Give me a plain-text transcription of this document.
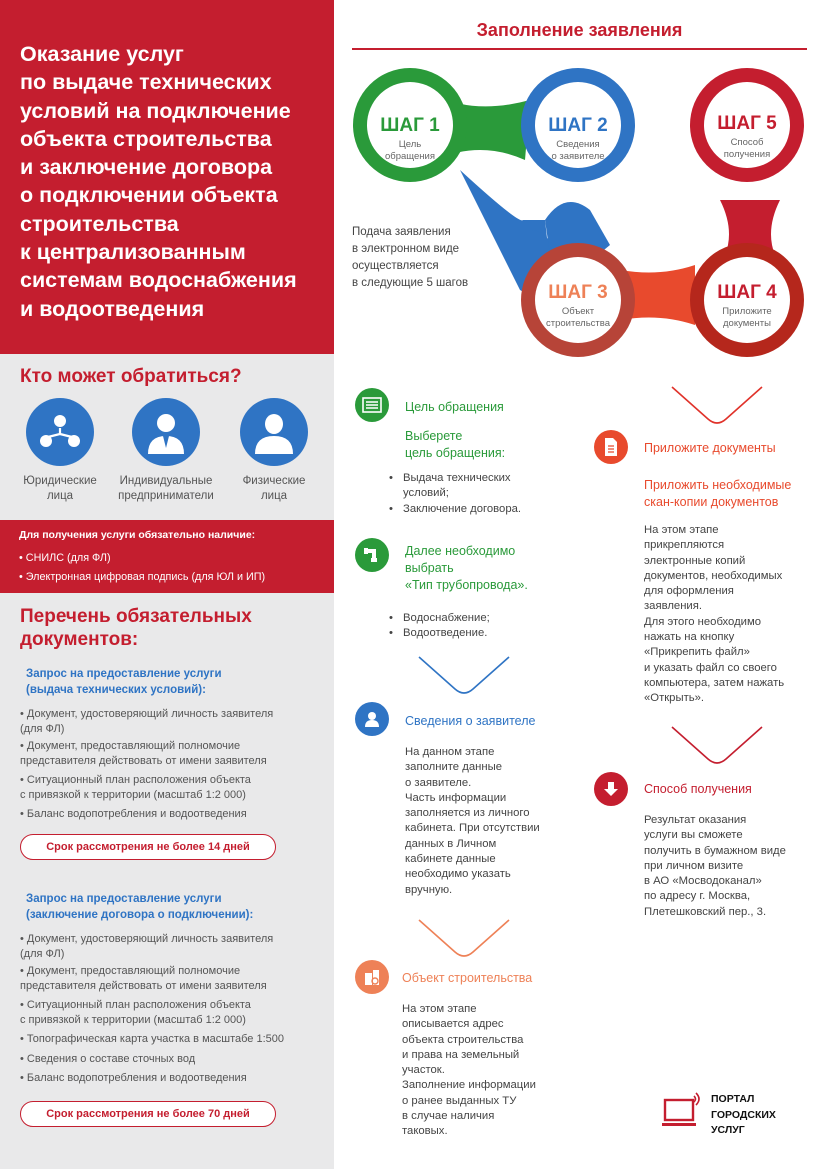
Оказание услуг
по выдаче технических
условий на подключение
объекта строительства
и заключение договора
о подключении объекта
строительства
к централизованным
системам водоснабжения
и водоотведения
Кто может обратиться?
Юридические
лица
Индивидуальные
предприниматели
Физические
лица
Для получения услуги обязательно наличие:
• СНИЛС (для ФЛ)
• Электронная цифровая подпись (для ЮЛ и ИП)
Перечень обязательных
документов:
Запрос на предоставление услуги
(выдача технических условий):
• Документ, удостоверяющий личность заявителя
(для ФЛ)
• Документ, предоставляющий полномочие
представителя действовать от имени заявителя
• Ситуационный план расположения объекта
с привязкой к территории (масштаб 1:2 000)
• Баланс водопотребления и водоотведения
Срок рассмотрения не более 14 дней
Запрос на предоставление услуги
(заключение договора о подключении):
• Документ, удостоверяющий личность заявителя
(для ФЛ)
• Документ, предоставляющий полномочие
представителя действовать от имени заявителя
• Ситуационный план расположения объекта
с привязкой к территории (масштаб 1:2 000)
• Топографическая карта участка в масштабе 1:500
• Сведения о составе сточных вод
• Баланс водопотребления и водоотведения
Срок рассмотрения не более 70 дней
Заполнение заявления
ШАГ 1
Цель
обращения
ШАГ 2
Сведения
о заявителе
ШАГ 3
Объект
строительства
ШАГ 4
Приложите
документы
ШАГ 5
Способ
получения
Подача заявления
в электронном виде
осуществляется
в следующие 5 шагов
Цель обращения
Выберете
цель обращения:
• Выдача технических
условий;
• Заключение договора.
Далее необходимо
выбрать
«Тип трубопровода».
• Водоснабжение;
• Водоотведение.
Сведения о заявителе
На данном этапе
заполните данные
о заявителе.
Часть информации
заполняется из личного
кабинета. При отсутствии
данных в Личном
кабинете данные
необходимо указать
вручную.
Объект строительства
На этом этапе
описывается адрес
объекта строительства
и права на земельный
участок.
Заполнение информации
о ранее выданных ТУ
в случае наличия
таковых.
Приложите документы
Приложить необходимые
скан-копии документов
На этом этапе
прикрепляются
электронные копий
документов, необходимых
для оформления
заявления.
Для этого необходимо
нажать на кнопку
«Прикрепить файл»
и указать файл со своего
компьютера, затем нажать
«Открыть».
Способ получения
Результат оказания
услуги вы сможете
получить в бумажном виде
при личном визите
в АО «Мосводоканал»
по адресу г. Москва,
Плетешковский пер., 3.
ПОРТАЛ
ГОРОДСКИХ
УСЛУГ
